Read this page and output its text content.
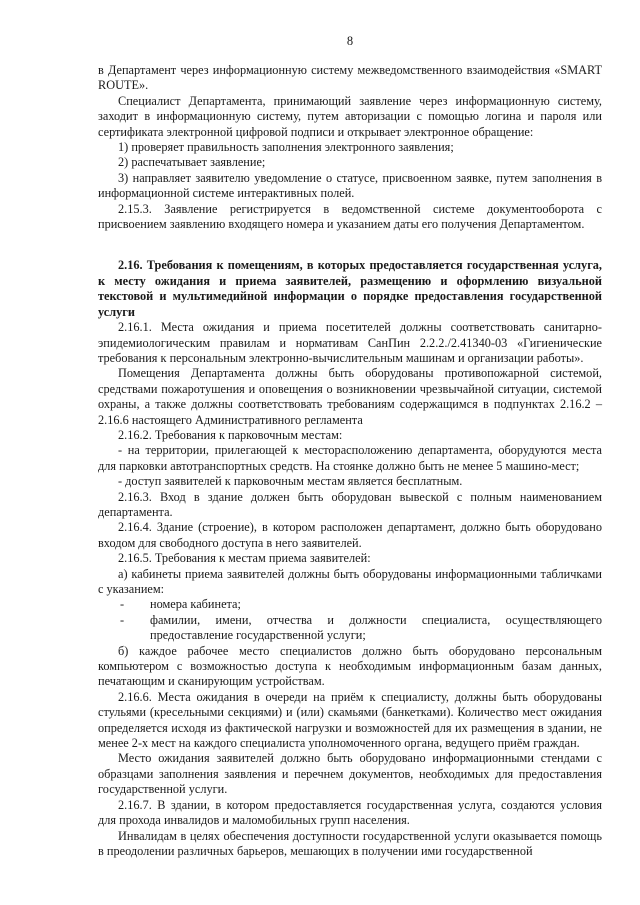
8

в Департамент через информационную систему межведомственного взаимодействия «SMART ROUTE».

Специалист Департамента, принимающий заявление через информационную систему, заходит в информационную систему, путем авторизации с помощью логина и пароля или сертификата электронной цифровой подписи и открывает электронное обращение:

1) проверяет правильность заполнения электронного заявления;

2) распечатывает заявление;

3) направляет заявителю уведомление о статусе, присвоенном заявке, путем заполнения в информационной системе интерактивных полей.

2.15.3. Заявление регистрируется в ведомственной системе документооборота с присвоением заявлению входящего номера и указанием даты его получения Департаментом.

2.16. Требования к помещениям, в которых предоставляется государственная услуга, к месту ожидания и приема заявителей, размещению и оформлению визуальной текстовой и мультимедийной информации о порядке предоставления государственной услуги

2.16.1. Места ожидания и приема посетителей должны соответствовать санитарно-эпидемиологическим правилам и нормативам СанПин 2.2.2./2.41340-03 «Гигиенические требования к персональным электронно-вычислительным машинам и организации работы».

Помещения Департамента должны быть оборудованы противопожарной системой, средствами пожаротушения и оповещения о возникновении чрезвычайной ситуации, системой охраны, а также должны соответствовать требованиям содержащимся в подпунктах 2.16.2 – 2.16.6 настоящего Административного регламента

2.16.2. Требования к парковочным местам:

- на территории, прилегающей к месторасположению департамента, оборудуются места для парковки автотранспортных средств. На стоянке должно быть не менее 5 машино-мест;

- доступ заявителей к парковочным местам является бесплатным.

2.16.3. Вход в здание должен быть оборудован вывеской с полным наименованием департамента.

2.16.4. Здание (строение), в котором расположен департамент, должно быть оборудовано входом для свободного доступа в него заявителей.

2.16.5. Требования к местам приема заявителей:

а) кабинеты приема заявителей должны быть оборудованы информационными табличками с указанием:

-	номера кабинета;
-	фамилии, имени, отчества и должности специалиста, осуществляющего предоставление государственной услуги;

б) каждое рабочее место специалистов должно быть оборудовано персональным компьютером с возможностью доступа к необходимым информационным базам данных, печатающим и сканирующим устройствам.

2.16.6. Места ожидания в очереди на приём к специалисту, должны быть оборудованы стульями (кресельными секциями) и (или) скамьями (банкетками). Количество мест ожидания определяется исходя из фактической нагрузки и возможностей для их размещения в здании, не менее 2-х мест на каждого специалиста уполномоченного органа, ведущего приём граждан.

Место ожидания заявителей должно быть оборудовано информационными стендами с образцами заполнения заявления и перечнем документов, необходимых для предоставления государственной услуги.

2.16.7. В здании, в котором предоставляется государственная услуга, создаются условия для прохода инвалидов и маломобильных групп населения.

Инвалидам в целях обеспечения доступности государственной услуги оказывается помощь в преодолении различных барьеров, мешающих в получении ими государственной
